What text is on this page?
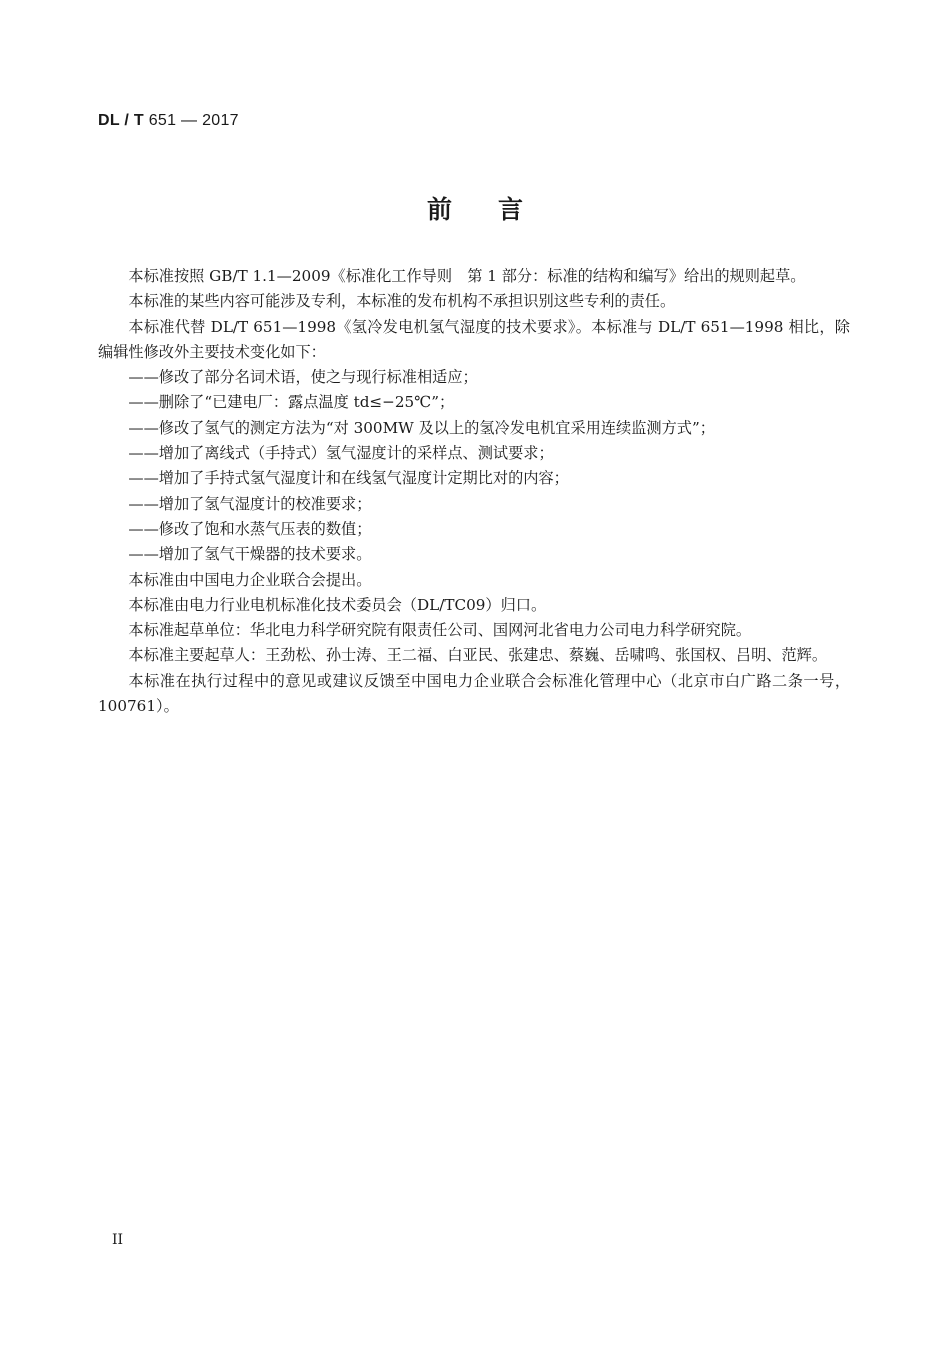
DL / T 651 — 2017
前言

本标准按照 GB/T 1.1—2009《标准化工作导则　第 1 部分：标准的结构和编写》给出的规则起草。

本标准的某些内容可能涉及专利，本标准的发布机构不承担识别这些专利的责任。

本标准代替 DL/T 651—1998《氢冷发电机氢气湿度的技术要求》。本标准与 DL/T 651—1998 相比，除编辑性修改外主要技术变化如下：

——修改了部分名词术语，使之与现行标准相适应；

——删除了“已建电厂：露点温度 td≤−25℃”；

——修改了氢气的测定方法为“对 300MW 及以上的氢冷发电机宜采用连续监测方式”；

——增加了离线式（手持式）氢气湿度计的采样点、测试要求；

——增加了手持式氢气湿度计和在线氢气湿度计定期比对的内容；

——增加了氢气湿度计的校准要求；

——修改了饱和水蒸气压表的数值；

——增加了氢气干燥器的技术要求。

本标准由中国电力企业联合会提出。

本标准由电力行业电机标准化技术委员会（DL/TC09）归口。

本标准起草单位：华北电力科学研究院有限责任公司、国网河北省电力公司电力科学研究院。

本标准主要起草人：王劲松、孙士涛、王二福、白亚民、张建忠、蔡巍、岳啸鸣、张国权、吕明、范辉。

本标准在执行过程中的意见或建议反馈至中国电力企业联合会标准化管理中心（北京市白广路二条一号，100761）。

II
